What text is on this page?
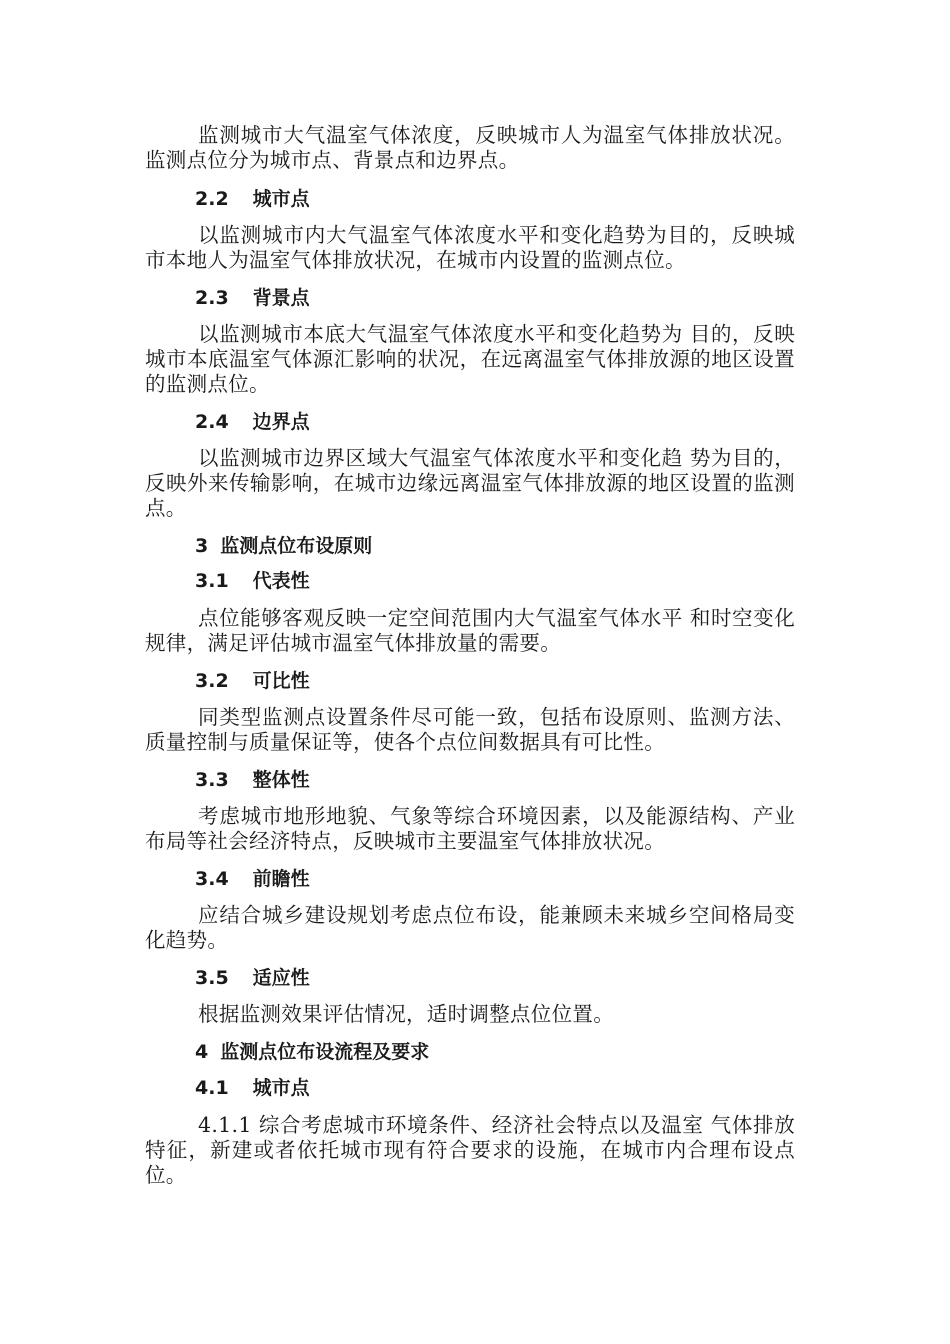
监测城市大气温室气体浓度，反映城市人为温室气体排放状况。监测点位分为城市点、背景点和边界点。

2.2 城市点

以监测城市内大气温室气体浓度水平和变化趋势为目的，反映城市本地人为温室气体排放状况，在城市内设置的监测点位。

2.3 背景点

以监测城市本底大气温室气体浓度水平和变化趋势为 目的，反映城市本底温室气体源汇影响的状况，在远离温室气体排放源的地区设置的监测点位。

2.4 边界点

以监测城市边界区域大气温室气体浓度水平和变化趋 势为目的，反映外来传输影响，在城市边缘远离温室气体排放源的地区设置的监测点。

3 监测点位布设原则

3.1 代表性

点位能够客观反映一定空间范围内大气温室气体水平 和时空变化规律，满足评估城市温室气体排放量的需要。

3.2 可比性

同类型监测点设置条件尽可能一致，包括布设原则、监测方法、质量控制与质量保证等，使各个点位间数据具有可比性。

3.3 整体性

考虑城市地形地貌、气象等综合环境因素，以及能源结构、产业布局等社会经济特点，反映城市主要温室气体排放状况。

3.4 前瞻性

应结合城乡建设规划考虑点位布设，能兼顾未来城乡空间格局变化趋势。

3.5 适应性

根据监测效果评估情况，适时调整点位位置。

4 监测点位布设流程及要求

4.1 城市点

4.1.1 综合考虑城市环境条件、经济社会特点以及温室 气体排放特征，新建或者依托城市现有符合要求的设施，在城市内合理布设点位。
